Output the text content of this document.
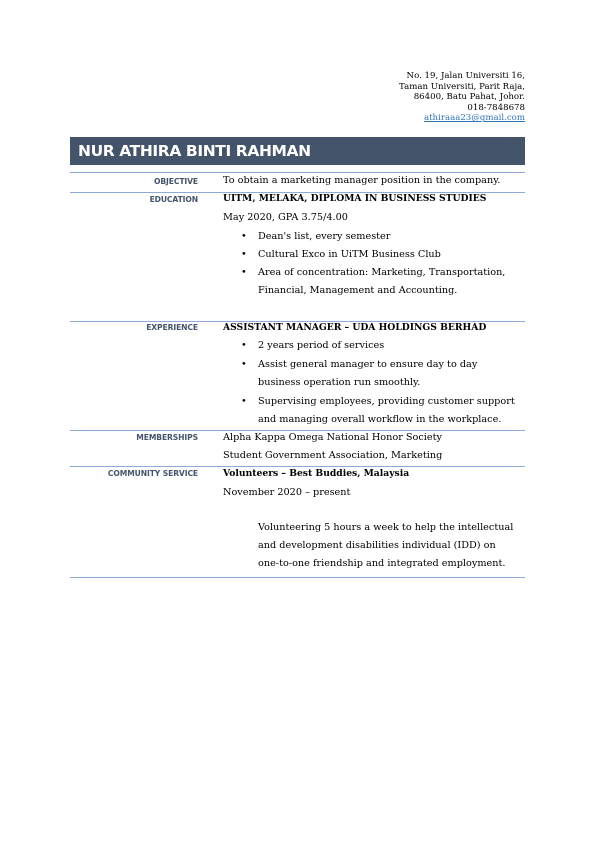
No. 19, Jalan Universiti 16,
Taman Universiti, Parit Raja,
86400, Batu Pahat, Johor.
018-7848678
athiraaa23@gmail.com
NUR ATHIRA BINTI RAHMAN
OBJECTIVE	To obtain a marketing manager position in the company.
EDUCATION	UITM, MELAKA, DIPLOMA IN BUSINESS STUDIES
May 2020, GPA 3.75/4.00
• Dean's list, every semester
• Cultural Exco in UiTM Business Club
• Area of concentration: Marketing, Transportation,
Financial, Management and Accounting.
EXPERIENCE	ASSISTANT MANAGER – UDA HOLDINGS BERHAD
• 2 years period of services
• Assist general manager to ensure day to day
business operation run smoothly.
• Supervising employees, providing customer support
and managing overall workflow in the workplace.
MEMBERSHIPS	Alpha Kappa Omega National Honor Society
Student Government Association, Marketing
COMMUNITY SERVICE	Volunteers – Best Buddies, Malaysia
November 2020 – present
Volunteering 5 hours a week to help the intellectual
and development disabilities individual (IDD) on
one-to-one friendship and integrated employment.
